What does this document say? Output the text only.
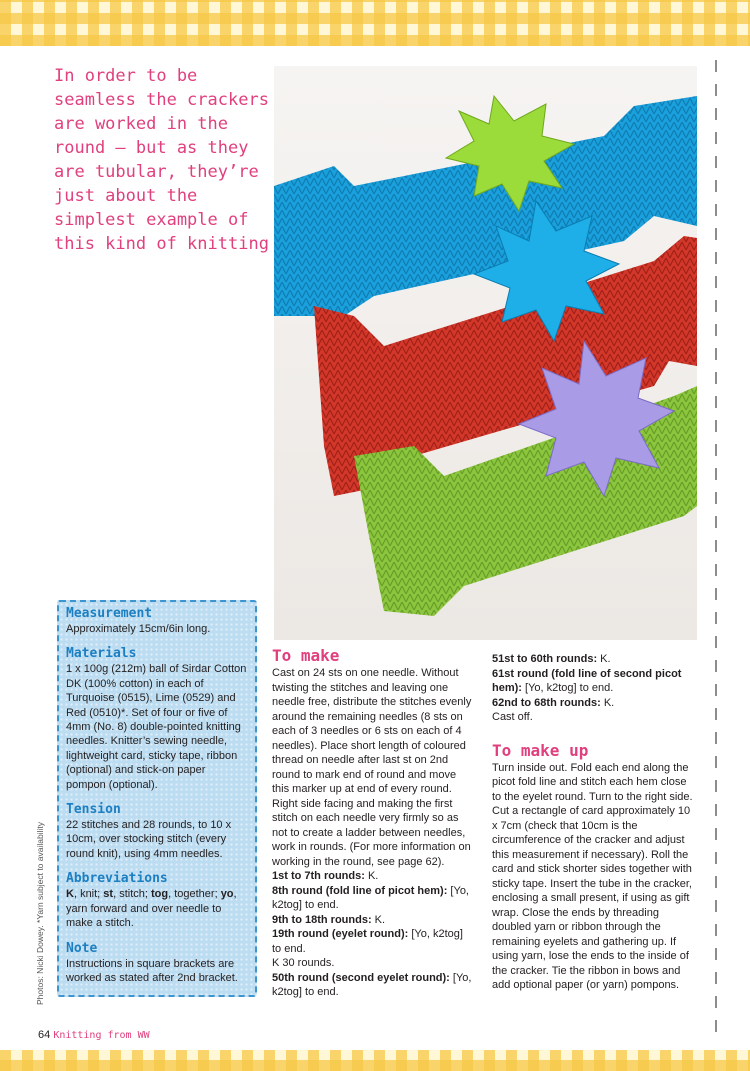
In order to be seamless the crackers are worked in the round – but as they are tubular, they’re just about the simplest example of this kind of knitting

Photos: Nicki Dowey. *Yarn subject to availability

Measurement

Approximately 15cm/6in long.

Materials

1 x 100g (212m) ball of Sirdar Cotton DK (100% cotton) in each of Turquoise (0515), Lime (0529) and Red (0510)*. Set of four or five of 4mm (No. 8) double-pointed knitting needles. Knitter’s sewing needle, lightweight card, sticky tape, ribbon (optional) and stick-on paper pompon (optional).

Tension

22 stitches and 28 rounds, to 10 x 10cm, over stocking stitch (every round knit), using 4mm needles.

Abbreviations

K, knit; st, stitch; tog, together; yo, yarn forward and over needle to make a stitch.

Note

Instructions in square brackets are worked as stated after 2nd bracket.

To make

Cast on 24 sts on one needle. Without twisting the stitches and leaving one needle free, distribute the stitches evenly around the remaining needles (8 sts on each of 3 needles or 6 sts on each of 4 needles). Place short length of coloured thread on needle after last st on 2nd round to mark end of round and move this marker up at end of every round.

Right side facing and making the first stitch on each needle very firmly so as not to create a ladder between needles, work in rounds. (For more information on working in the round, see page 62).

1st to 7th rounds: K.

8th round (fold line of picot hem): [Yo, k2tog] to end.

9th to 18th rounds: K.

19th round (eyelet round): [Yo, k2tog] to end.

K 30 rounds.

50th round (second eyelet round): [Yo, k2tog] to end.

51st to 60th rounds: K.

61st round (fold line of second picot hem): [Yo, k2tog] to end.

62nd to 68th rounds: K.

Cast off.

To make up

Turn inside out. Fold each end along the picot fold line and stitch each hem close to the eyelet round. Turn to the right side.

Cut a rectangle of card approximately 10 x 7cm (check that 10cm is the circumference of the cracker and adjust this measurement if necessary). Roll the card and stick shorter sides together with sticky tape. Insert the tube in the cracker, enclosing a small present, if using as gift wrap. Close the ends by threading doubled yarn or ribbon through the remaining eyelets and gathering up. If using yarn, lose the ends to the inside of the cracker. Tie the ribbon in bows and add optional paper (or yarn) pompons.

64 Knitting from WW
